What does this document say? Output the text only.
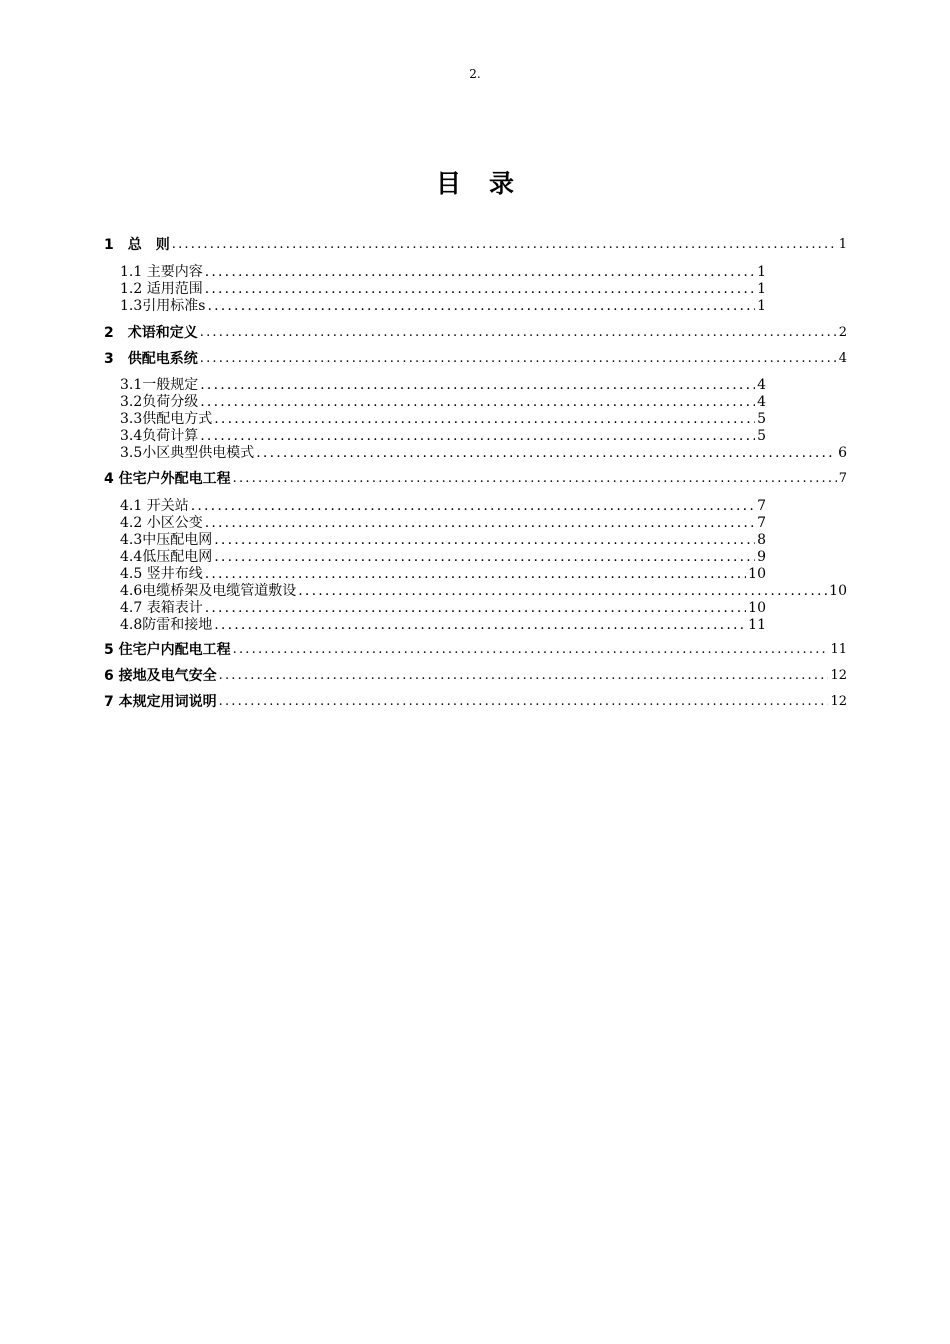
2.
目录
1　总　则 .....	1
1.1 主要内容 .....	1
1.2 适用范围 .....	1
1.3引用标准s .....	1
2　术语和定义 .....	2
3　供配电系统 .....	4
3.1一般规定 .....	4
3.2负荷分级 .....	4
3.3供配电方式 .....	5
3.4负荷计算 .....	5
3.5小区典型供电模式 .....	6
4 住宅户外配电工程 .....	7
4.1 开关站 .....	7
4.2 小区公变 .....	7
4.3中压配电网 .....	8
4.4低压配电网 .....	9
4.5 竖井布线 .....	10
4.6电缆桥架及电缆管道敷设 .....	10
4.7 表箱表计 .....	10
4.8防雷和接地 .....	11
5 住宅户内配电工程 .....	11
6 接地及电气安全 .....	12
7 本规定用词说明 .....	12
